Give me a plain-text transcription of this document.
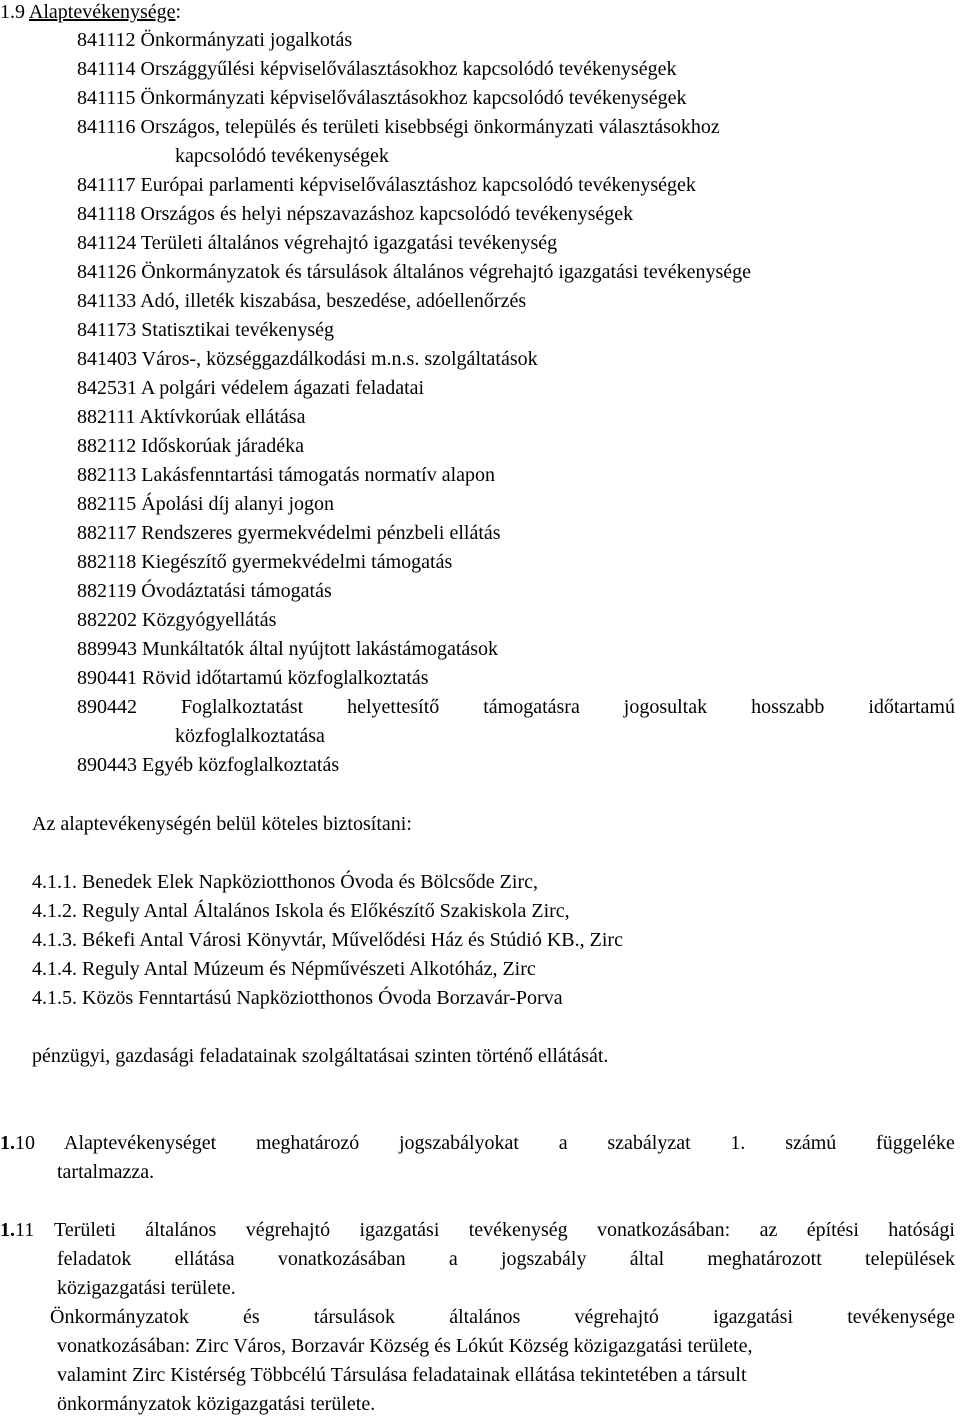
1.9 Alaptevékenysége:
841112 Önkormányzati jogalkotás
841114 Országgyűlési képviselőválasztásokhoz kapcsolódó tevékenységek
841115 Önkormányzati képviselőválasztásokhoz kapcsolódó tevékenységek
841116 Országos, település és területi kisebbségi önkormányzati választásokhoz
kapcsolódó tevékenységek
841117 Európai parlamenti képviselőválasztáshoz kapcsolódó tevékenységek
841118 Országos és helyi népszavazáshoz kapcsolódó tevékenységek
841124 Területi általános végrehajtó igazgatási tevékenység
841126 Önkormányzatok és társulások általános végrehajtó igazgatási tevékenysége
841133 Adó, illeték kiszabása, beszedése, adóellenőrzés
841173 Statisztikai tevékenység
841403 Város-, községgazdálkodási m.n.s. szolgáltatások
842531 A polgári védelem ágazati feladatai
882111 Aktívkorúak ellátása
882112 Időskorúak járadéka
882113 Lakásfenntartási támogatás normatív alapon
882115 Ápolási díj alanyi jogon
882117 Rendszeres gyermekvédelmi pénzbeli ellátás
882118 Kiegészítő gyermekvédelmi támogatás
882119 Óvodáztatási támogatás
882202 Közgyógyellátás
889943 Munkáltatók által nyújtott lakástámogatások
890441 Rövid időtartamú közfoglalkoztatás
890442 Foglalkoztatást helyettesítő támogatásra jogosultak hosszabb időtartamú
közfoglalkoztatása
890443 Egyéb közfoglalkoztatás
Az alaptevékenységén belül köteles biztosítani:
4.1.1. Benedek Elek Napköziotthonos Óvoda és Bölcsőde Zirc,
4.1.2. Reguly Antal Általános Iskola és Előkészítő Szakiskola Zirc,
4.1.3. Békefi Antal Városi Könyvtár, Művelődési Ház és Stúdió KB., Zirc
4.1.4. Reguly Antal Múzeum és Népművészeti Alkotóház, Zirc
4.1.5. Közös Fenntartású Napköziotthonos Óvoda Borzavár-Porva
pénzügyi, gazdasági feladatainak szolgáltatásai szinten történő ellátását.
1.10 Alaptevékenységet meghatározó jogszabályokat a szabályzat 1. számú függeléke
tartalmazza.
1.11 Területi általános végrehajtó igazgatási tevékenység vonatkozásában: az építési hatósági
feladatok ellátása vonatkozásában a jogszabály által meghatározott települések
közigazgatási területe.
Önkormányzatok	és	társulások	általános	végrehajtó	igazgatási	tevékenysége
vonatkozásában: Zirc Város, Borzavár Község és Lókút Község közigazgatási területe,
valamint Zirc Kistérség Többcélú Társulása feladatainak ellátása tekintetében a társult
önkormányzatok közigazgatási területe.
